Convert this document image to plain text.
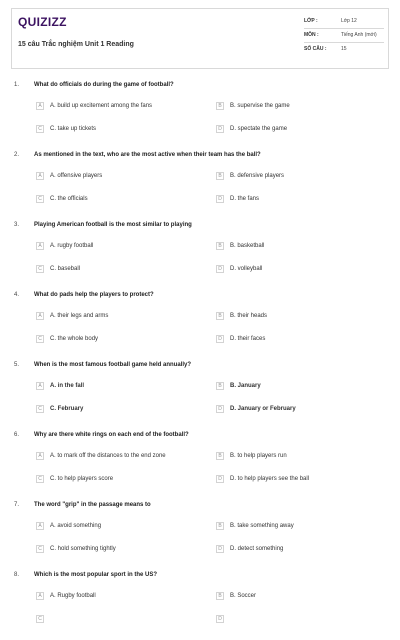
QUIZIZZ
15 câu Trắc nghiệm Unit 1 Reading
LỚP :	Lớp 12
MÔN :	Tiếng Anh (mới)
SỐ CÂU :	15
1. What do officials do during the game of football?
A	A. build up excitement among the fans	B	B. supervise the game
C	C. take up tickets	D	D. spectate the game
2. As mentioned in the text, who are the most active when their team has the ball?
A	A. offensive players	B	B. defensive players
C	C. the officials	D	D. the fans
3. Playing American football is the most similar to playing
A	A. rugby football	B	B. basketball
C	C. baseball	D	D. volleyball
4. What do pads help the players to protect?
A	A. their legs and arms	B	B. their heads
C	C. the whole body	D	D. their faces
5. When is the most famous football game held annually?
A	A. in the fall	B	B. January
C	C. February	D	D. January or February
6. Why are there white rings on each end of the football?
A	A. to mark off the distances to the end zone	B	B. to help players run
C	C. to help players score	D	D. to help players see the ball
7. The word "grip" in the passage means to
A	A. avoid something	B	B. take something away
C	C. hold something tightly	D	D. detect something
8. Which is the most popular sport in the US?
A	A. Rugby football	B	B. Soccer
C	D
